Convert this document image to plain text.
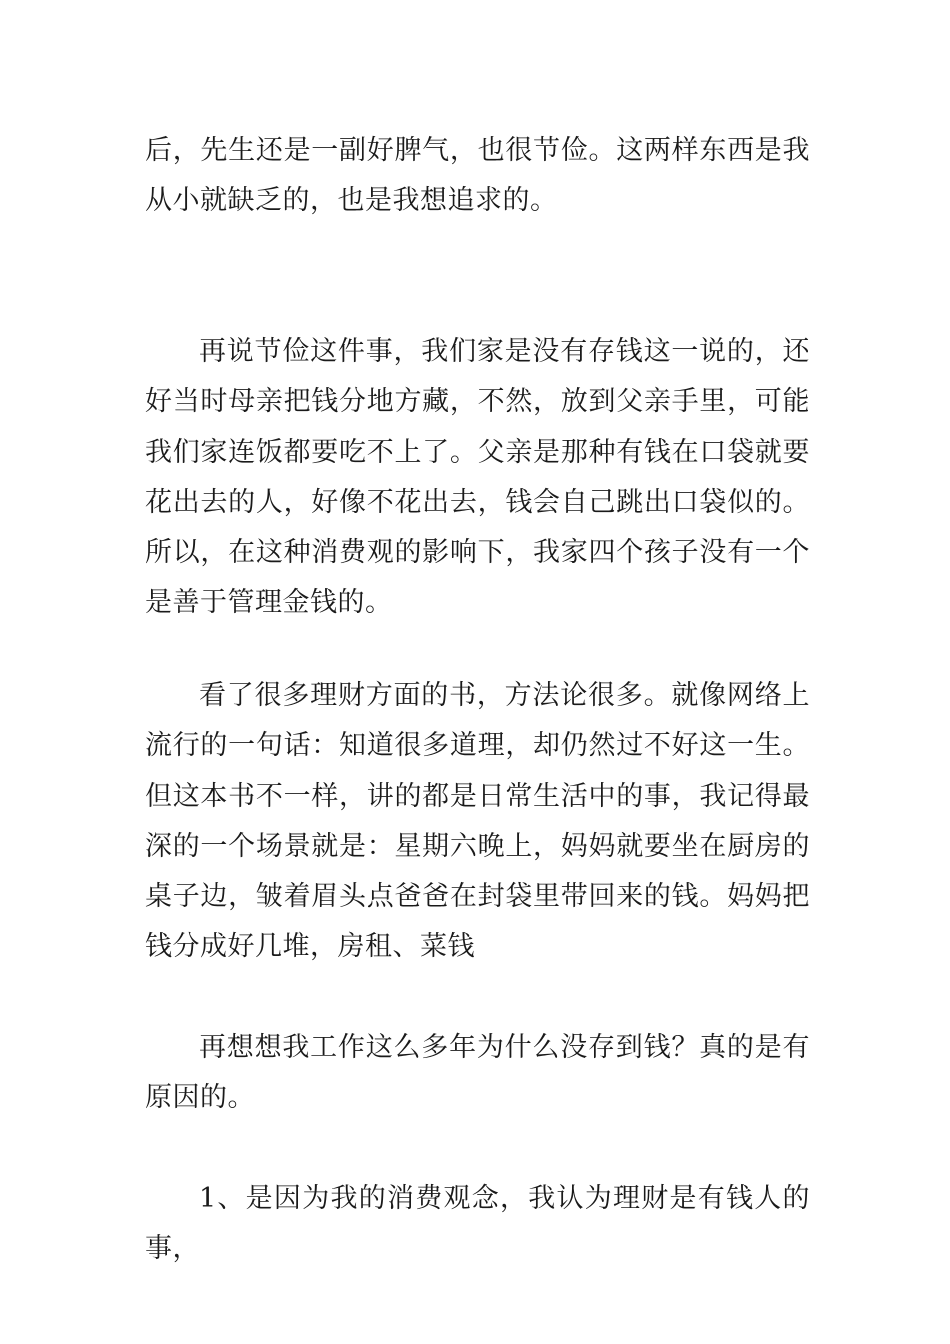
后，先生还是一副好脾气，也很节俭。这两样东西是我从小就缺乏的，也是我想追求的。

再说节俭这件事，我们家是没有存钱这一说的，还好当时母亲把钱分地方藏，不然，放到父亲手里，可能我们家连饭都要吃不上了。父亲是那种有钱在口袋就要花出去的人，好像不花出去，钱会自己跳出口袋似的。所以，在这种消费观的影响下，我家四个孩子没有一个是善于管理金钱的。

看了很多理财方面的书，方法论很多。就像网络上流行的一句话：知道很多道理，却仍然过不好这一生。但这本书不一样，讲的都是日常生活中的事，我记得最深的一个场景就是：星期六晚上，妈妈就要坐在厨房的桌子边，皱着眉头点爸爸在封袋里带回来的钱。妈妈把钱分成好几堆，房租、菜钱

再想想我工作这么多年为什么没存到钱？真的是有原因的。

1、是因为我的消费观念，我认为理财是有钱人的事，
